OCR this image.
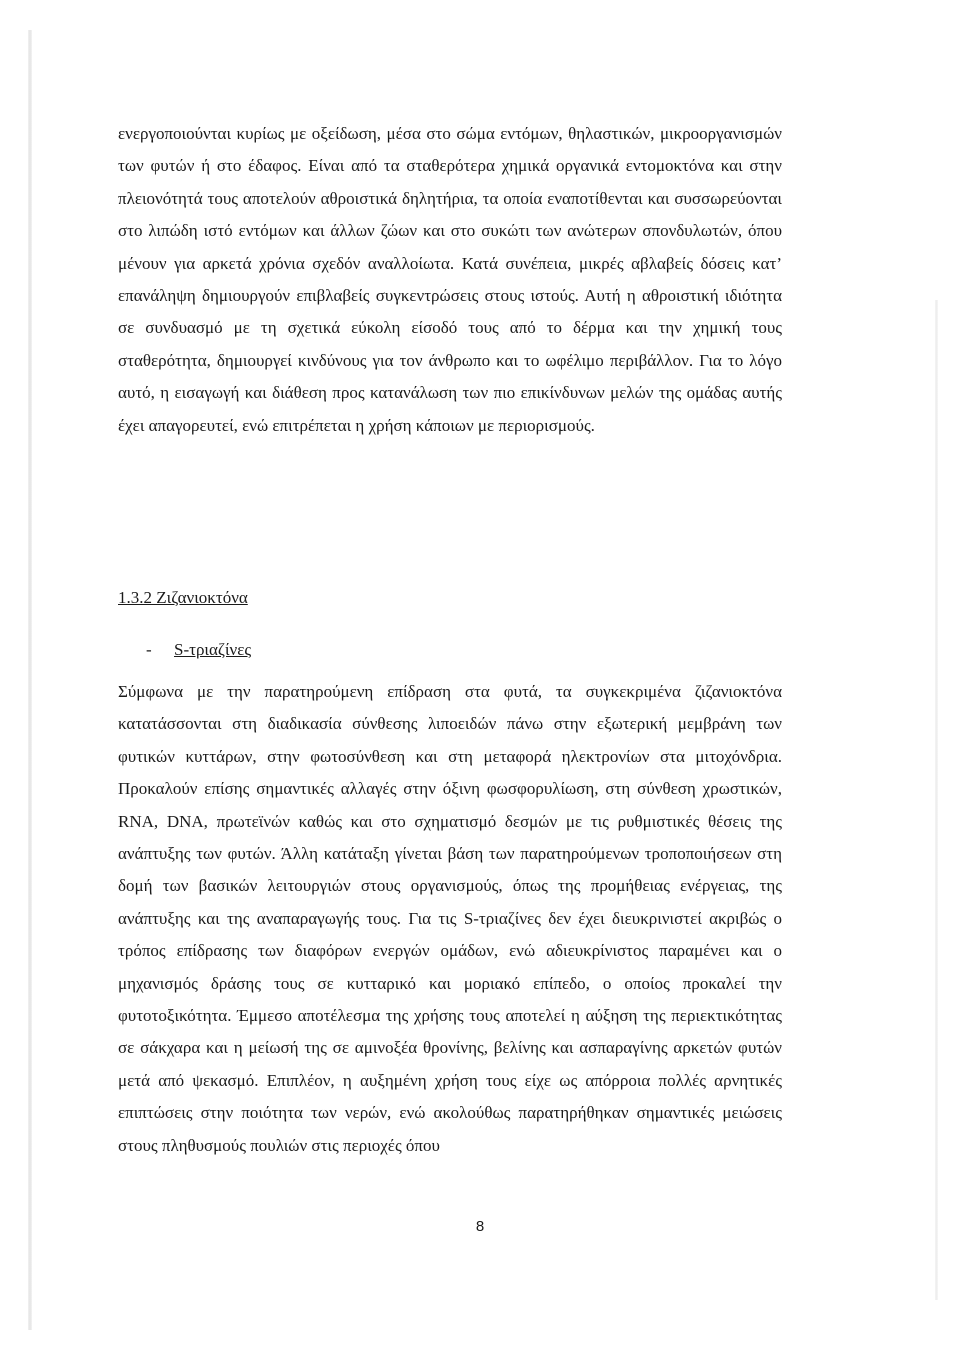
ενεργοποιούνται κυρίως με οξείδωση, μέσα στο σώμα εντόμων, θηλαστικών, μικροοργανισμών των φυτών ή στο έδαφος. Είναι από τα σταθερότερα χημικά οργανικά εντομοκτόνα και στην πλειονότητά τους αποτελούν αθροιστικά δηλητήρια, τα οποία εναποτίθενται και συσσωρεύονται στο λιπώδη ιστό εντόμων και άλλων ζώων και στο συκώτι των ανώτερων σπονδυλωτών, όπου μένουν για αρκετά χρόνια σχεδόν αναλλοίωτα. Κατά συνέπεια, μικρές αβλαβείς δόσεις κατ’ επανάληψη δημιουργούν επιβλαβείς συγκεντρώσεις στους ιστούς. Αυτή η αθροιστική ιδιότητα σε συνδυασμό με τη σχετικά εύκολη είσοδό τους από το δέρμα και την χημική τους σταθερότητα, δημιουργεί κινδύνους για τον άνθρωπο και το ωφέλιμο περιβάλλον. Για το λόγο αυτό, η εισαγωγή και διάθεση προς κατανάλωση των πιο επικίνδυνων μελών της ομάδας αυτής έχει απαγορευτεί, ενώ επιτρέπεται η χρήση κάποιων με περιορισμούς.

1.3.2 Ζιζανιοκτόνα

- S-τριαζίνες

Σύμφωνα με την παρατηρούμενη επίδραση στα φυτά, τα συγκεκριμένα ζιζανιοκτόνα κατατάσσονται στη διαδικασία σύνθεσης λιποειδών πάνω στην εξωτερική μεμβράνη των φυτικών κυττάρων, στην φωτοσύνθεση και στη μεταφορά ηλεκτρονίων στα μιτοχόνδρια. Προκαλούν επίσης σημαντικές αλλαγές στην όξινη φωσφορυλίωση, στη σύνθεση χρωστικών, RNA, DNA, πρωτεϊνών καθώς και στο σχηματισμό δεσμών με τις ρυθμιστικές θέσεις της ανάπτυξης των φυτών. Άλλη κατάταξη γίνεται βάση των παρατηρούμενων τροποποιήσεων στη δομή των βασικών λειτουργιών στους οργανισμούς, όπως της προμήθειας ενέργειας, της ανάπτυξης και της αναπαραγωγής τους. Για τις S-τριαζίνες δεν έχει διευκρινιστεί ακριβώς ο τρόπος επίδρασης των διαφόρων ενεργών ομάδων, ενώ αδιευκρίνιστος παραμένει και ο μηχανισμός δράσης τους σε κυτταρικό και μοριακό επίπεδο, ο οποίος προκαλεί την φυτοτοξικότητα. Έμμεσο αποτέλεσμα της χρήσης τους αποτελεί η αύξηση της περιεκτικότητας σε σάκχαρα και η μείωσή της σε αμινοξέα θρονίνης, βελίνης και ασπαραγίνης αρκετών φυτών μετά από ψεκασμό. Επιπλέον, η αυξημένη χρήση τους είχε ως απόρροια πολλές αρνητικές επιπτώσεις στην ποιότητα των νερών, ενώ ακολούθως παρατηρήθηκαν σημαντικές μειώσεις στους πληθυσμούς πουλιών στις περιοχές όπου

8
